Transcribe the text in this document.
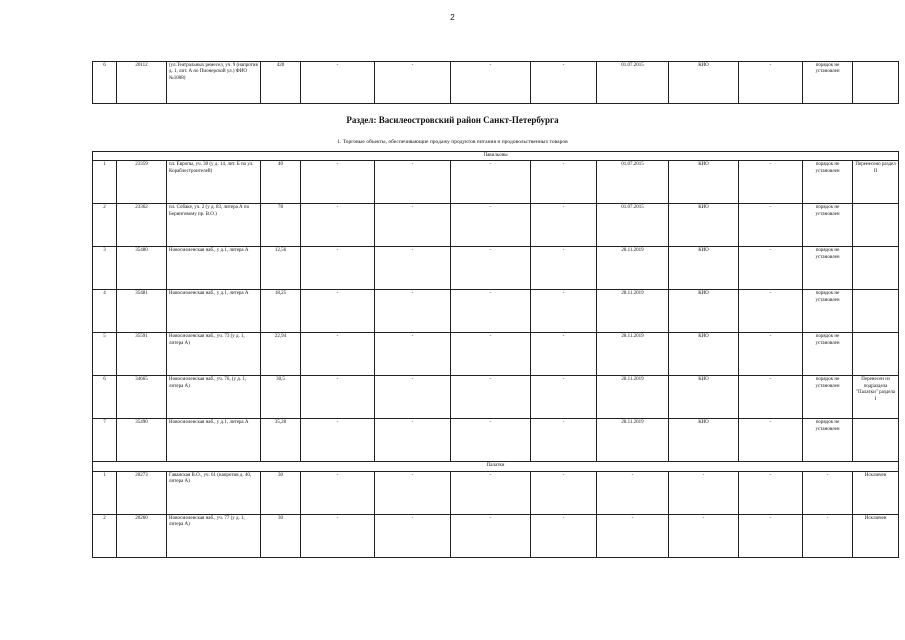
2
6	20112	(ул.Театральных ремесел, уч. 9 (напротив д. 1, лит. А по Пионерской ул.) ФИО №1008)	420	-	-	-	-	01.07.2015	КИО	-	порядок не установлен	
Раздел: Василеостровский район Санкт-Петербурга
1. Торговые объекты, обеспечивающие продажу продуктов питания и продовольственных товаров
Павильоны												
1	23359	пл. Европы, уч. 30 (у д. 14, лит. Б по ул. Кораблестроителей)	40	-	-	-	-	01.07.2015	КИО	-	порядок не установлен	Перенесено раздел II
2	23362	пл. Собаке, уч. 2 (у д. 83, литера А по Беринговому пр. В.О.)	78	-	-	-	-	01.07.2015	КИО	-	порядок не установлен	
3	35480	Новосмоленская наб., у д.1, литера А	12,56	-	-	-	-	28.11.2019	КИО	-	порядок не установлен	
4	35481	Новосмоленская наб., у д.1, литера А	18,25	-	-	-	-	28.11.2019	КИО	-	порядок не установлен	
5	35591	Новосмоленская наб., уч. 73 (у д. 1, литера А)	22,94	-	-	-	-	28.11.2019	КИО	-	порядок не установлен	
6	34665	Новосмоленская наб., уч. 76, (у д. 1, литера А)	30,5	-	-	-	-	28.11.2019	КИО	-	порядок не установлен	Перенесен из подраздела "Палатки" раздела I
7	35490	Новосмоленская наб., у д.1, литера А	35,28	-	-	-	-	28.11.2019	КИО	-	порядок не установлен	
Палатки												
1	20273	Гаванская В.О., уч. 61 (напротив д. 40, литера А)	30	-	-	-	-	-	-	-	-	Исключен
2	20260	Новосмоленская наб., уч. 77 (у д. 1, литера А)	30	-	-	-	-	-	-	-	-	Исключен
